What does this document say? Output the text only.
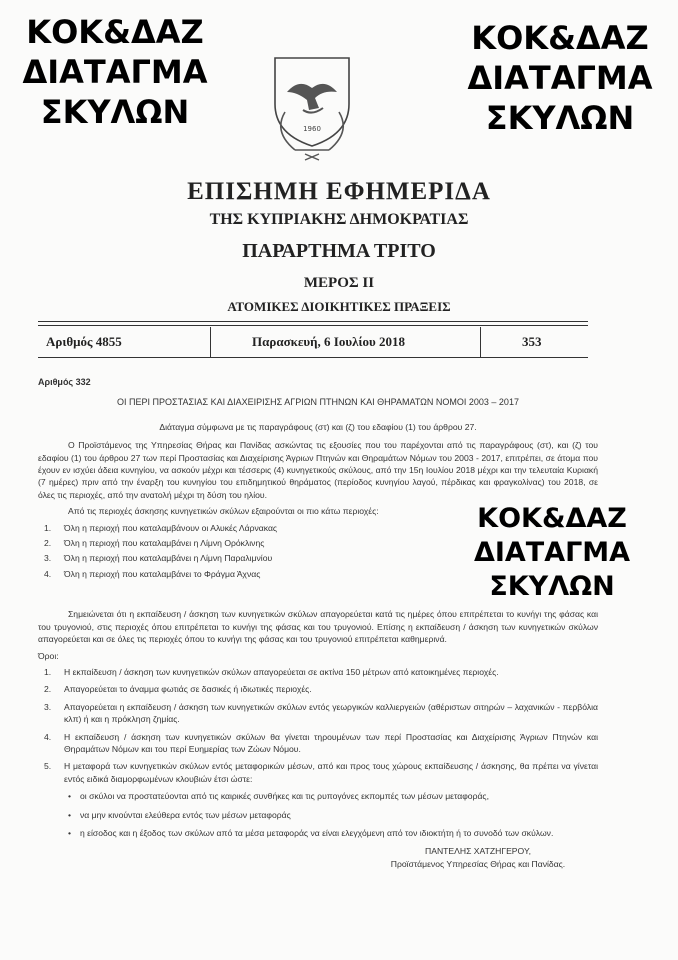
ΚΟΚ&ΔΑΖ
ΔΙΑΤΑΓΜΑ
ΣΚΥΛΩΝ
ΚΟΚ&ΔΑΖ
ΔΙΑΤΑΓΜΑ
ΣΚΥΛΩΝ
1960
ΕΠΙΣΗΜΗ ΕΦΗΜΕΡΙΔΑ
ΤΗΣ ΚΥΠΡΙΑΚΗΣ ΔΗΜΟΚΡΑΤΙΑΣ
ΠΑΡΑΡΤΗΜΑ ΤΡΙΤΟ
ΜΕΡΟΣ ΙΙ
ΑΤΟΜΙΚΕΣ ΔΙΟΙΚΗΤΙΚΕΣ ΠΡΑΞΕΙΣ
Αριθμός 4855	Παρασκευή, 6 Ιουλίου 2018	353

Αριθμός 332

ΟΙ ΠΕΡΙ ΠΡΟΣΤΑΣΙΑΣ ΚΑΙ ΔΙΑΧΕΙΡΙΣΗΣ ΑΓΡΙΩΝ ΠΤΗΝΩΝ ΚΑΙ ΘΗΡΑΜΑΤΩΝ ΝΟΜΟΙ 2003 – 2017

Διάταγμα σύμφωνα με τις παραγράφους (στ) και (ζ) του εδαφίου (1) του άρθρου 27.

Ο Προϊστάμενος της Υπηρεσίας Θήρας και Πανίδας ασκώντας τις εξουσίες που του παρέχονται από τις παραγράφους (στ), και (ζ) του εδαφίου (1) του άρθρου 27 των περί Προστασίας και Διαχείρισης Άγριων Πτηνών και Θηραμάτων Νόμων του 2003 - 2017, επιτρέπει, σε άτομα που έχουν εν ισχύει άδεια κυνηγίου, να ασκούν μέχρι και τέσσερις (4) κυνηγετικούς σκύλους, από την 15η Ιουλίου 2018 μέχρι και την τελευταία Κυριακή (7 ημέρες) πριν από την έναρξη του κυνηγίου του επιδημητικού θηράματος (περίοδος κυνηγίου λαγού, πέρδικας και φραγκολίνας) του 2018, σε όλες τις περιοχές, από την ανατολή μέχρι τη δύση του ηλίου.

Από τις περιοχές άσκησης κυνηγετικών σκύλων εξαιρούνται οι πιο κάτω περιοχές:

1. Όλη η περιοχή που καταλαμβάνουν οι Αλυκές Λάρνακας

2. Όλη η περιοχή που καταλαμβάνει η Λίμνη Ορόκλινης

3. Όλη η περιοχή που καταλαμβάνει η Λίμνη Παραλιμνίου

4. Όλη η περιοχή που καταλαμβάνει το Φράγμα Άχνας

Σημειώνεται ότι η εκπαίδευση / άσκηση των κυνηγετικών σκύλων απαγορεύεται κατά τις ημέρες όπου επιτρέπεται το κυνήγι της φάσας και του τρυγονιού, στις περιοχές όπου επιτρέπεται το κυνήγι της φάσας και του τρυγονιού. Επίσης η εκπαίδευση / άσκηση των κυνηγετικών σκύλων απαγορεύεται και σε όλες τις περιοχές όπου το κυνήγι της φάσας και του τρυγονιού επιτρέπεται καθημερινά.

Όροι:

1. Η εκπαίδευση / άσκηση των κυνηγετικών σκύλων απαγορεύεται σε ακτίνα 150 μέτρων από κατοικημένες περιοχές.

2. Απαγορεύεται το άναμμα φωτιάς σε δασικές ή ιδιωτικές περιοχές.

3. Απαγορεύεται η εκπαίδευση / άσκηση των κυνηγετικών σκύλων εντός γεωργικών καλλιεργειών (αθέριστων σιτηρών – λαχανικών - περβόλια κλπ) ή και η πρόκληση ζημίας.

4. Η εκπαίδευση / άσκηση των κυνηγετικών σκύλων θα γίνεται τηρουμένων των περί Προστασίας και Διαχείρισης Άγριων Πτηνών και Θηραμάτων Νόμων και του περί Ευημερίας των Ζώων Νόμου.

5. Η μεταφορά των κυνηγετικών σκύλων εντός μεταφορικών μέσων, από και προς τους χώρους εκπαίδευσης / άσκησης, θα πρέπει να γίνεται εντός ειδικά διαμορφωμένων κλουβιών έτσι ώστε:

• οι σκύλοι να προστατεύονται από τις καιρικές συνθήκες και τις ρυπογόνες εκπομπές των μέσων μεταφοράς,

• να μην κινούνται ελεύθερα εντός των μέσων μεταφοράς

• η είσοδος και η έξοδος των σκύλων από τα μέσα μεταφοράς να είναι ελεγχόμενη από τον ιδιοκτήτη ή το συνοδό των σκύλων.

ΠΑΝΤΕΛΗΣ ΧΑΤΖΗΓΕΡΟΥ,

Προϊστάμενος Υπηρεσίας Θήρας και Πανίδας.

ΚΟΚ&ΔΑΖ
ΔΙΑΤΑΓΜΑ
ΣΚΥΛΩΝ
